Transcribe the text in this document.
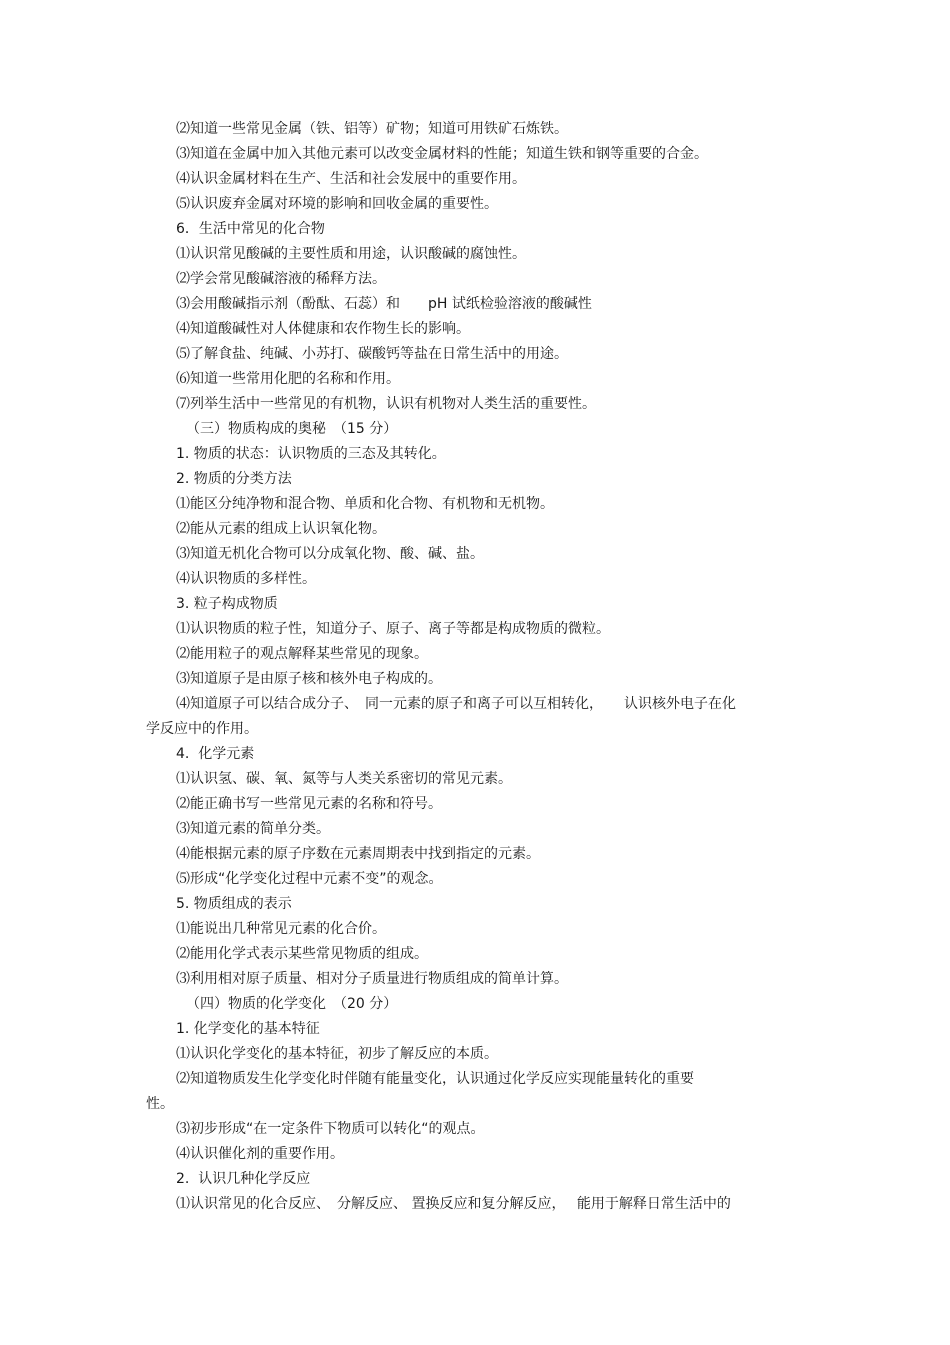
⑵知道一些常见金属（铁、铝等）矿物；知道可用铁矿石炼铁。
⑶知道在金属中加入其他元素可以改变金属材料的性能；知道生铁和钢等重要的合金。
⑷认识金属材料在生产、生活和社会发展中的重要作用。
⑸认识废弃金属对环境的影响和回收金属的重要性。
6．生活中常见的化合物
⑴认识常见酸碱的主要性质和用途，认识酸碱的腐蚀性。
⑵学会常见酸碱溶液的稀释方法。
⑶会用酸碱指示剂（酚酞、石蕊）和　　pH 试纸检验溶液的酸碱性
⑷知道酸碱性对人体健康和农作物生长的影响。
⑸了解食盐、纯碱、小苏打、碳酸钙等盐在日常生活中的用途。
⑹知道一些常用化肥的名称和作用。
⑺列举生活中一些常见的有机物，认识有机物对人类生活的重要性。
（三）物质构成的奥秘　（15 分）
1. 物质的状态：认识物质的三态及其转化。
2. 物质的分类方法
⑴能区分纯净物和混合物、单质和化合物、有机物和无机物。
⑵能从元素的组成上认识氧化物。
⑶知道无机化合物可以分成氧化物、酸、碱、盐。
⑷认识物质的多样性。
3. 粒子构成物质
⑴认识物质的粒子性，知道分子、原子、离子等都是构成物质的微粒。
⑵能用粒子的观点解释某些常见的现象。
⑶知道原子是由原子核和核外电子构成的。
⑷知道原子可以结合成分子、　同一元素的原子和离子可以互相转化，　　认识核外电子在化
学反应中的作用。
4.  化学元素
⑴认识氢、碳、氧、氮等与人类关系密切的常见元素。
⑵能正确书写一些常见元素的名称和符号。
⑶知道元素的简单分类。
⑷能根据元素的原子序数在元素周期表中找到指定的元素。
⑸形成“化学变化过程中元素不变”的观念。
5. 物质组成的表示
⑴能说出几种常见元素的化合价。
⑵能用化学式表示某些常见物质的组成。
⑶利用相对原子质量、相对分子质量进行物质组成的简单计算。
（四）物质的化学变化　（20 分）
1. 化学变化的基本特征
⑴认识化学变化的基本特征，初步了解反应的本质。
⑵知道物质发生化学变化时伴随有能量变化，认识通过化学反应实现能量转化的重要
性。
⑶初步形成“在一定条件下物质可以转化“的观点。
⑷认识催化剂的重要作用。
2.  认识几种化学反应
⑴认识常见的化合反应、　分解反应、 置换反应和复分解反应，　 能用于解释日常生活中的
